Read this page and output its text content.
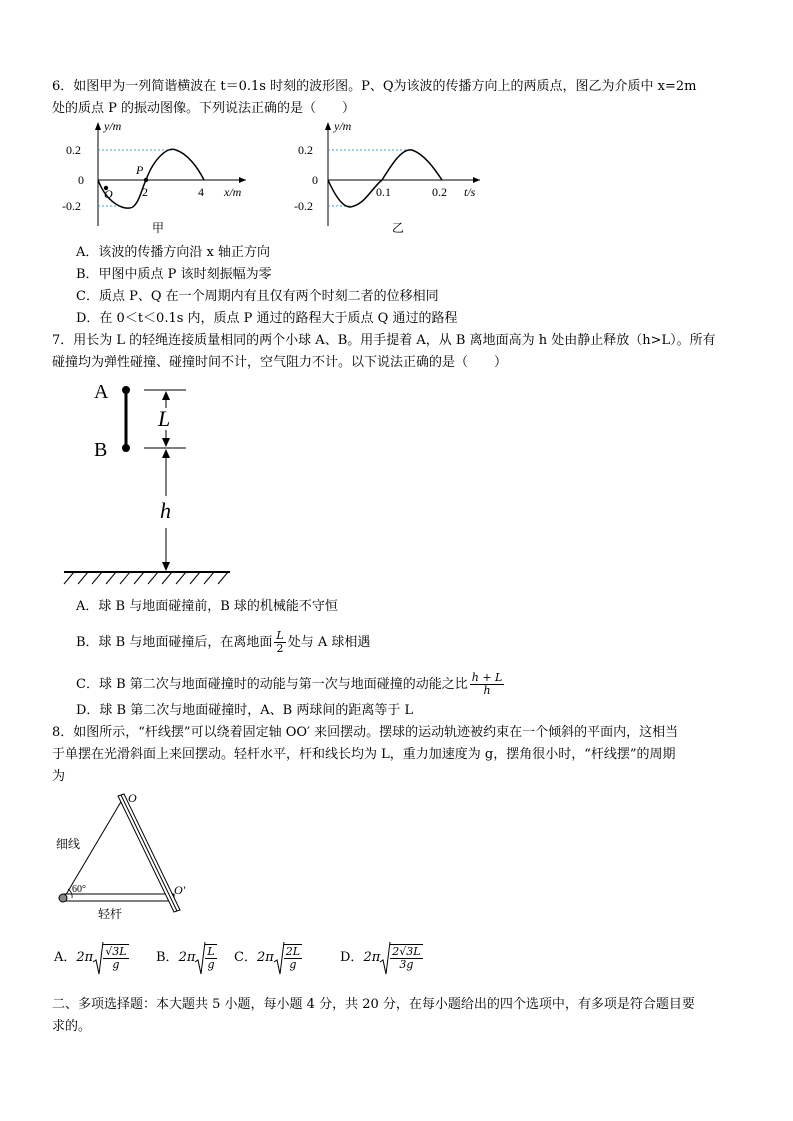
6．如图甲为一列简谐横波在 t＝0.1s 时刻的波形图。P、Q为该波的传播方向上的两质点，图乙为介质中 x=2m
处的质点 P 的振动图像。下列说法正确的是（　　）
y/m
0.2
0
-0.2
2	4 x/m
P
Q
甲
y/m
0.2
0
-0.2
0.1	0.2 t/s
乙
A．该波的传播方向沿 x 轴正方向
B．甲图中质点 P 该时刻振幅为零
C．质点 P、Q 在一个周期内有且仅有两个时刻二者的位移相同
D．在 0＜t＜0.1s 内，质点 P 通过的路程大于质点 Q 通过的路程
7．用长为 L 的轻绳连接质量相同的两个小球 A、B。用手提着 A，从 B 离地面高为 h 处由静止释放（h>L）。所有
碰撞均为弹性碰撞、碰撞时间不计，空气阻力不计。以下说法正确的是（　　）
A
B
L
h
A．球 B 与地面碰撞前，B 球的机械能不守恒
B．球 B 与地面碰撞后，在离地面 $\frac{L}{2}$ 处与 A 球相遇
C．球 B 第二次与地面碰撞时的动能与第一次与地面碰撞的动能之比 $\frac{h + L}{h}$
D．球 B 第二次与地面碰撞时，A、B 两球间的距离等于 L
8．如图所示，“杆线摆”可以绕着固定轴 OO′ 来回摆动。摆球的运动轨迹被约束在一个倾斜的平面内，这相当
于单摆在光滑斜面上来回摆动。轻杆水平，杆和线长均为 L，重力加速度为 g，摆角很小时，“杆线摆”的周期
为
O
O′
细线
轻杆
60°
A．$2\pi \frac{√3L}{g}$ B．$2\pi \frac{L}{g}$ C．$2\pi \frac{2L}{g}$	D．$2\pi \frac{2√3L}{3g}$
二、多项选择题：本大题共 5 小题，每小题 4 分，共 20 分，在每小题给出的四个选项中，有多项是符合题目要
求的。
